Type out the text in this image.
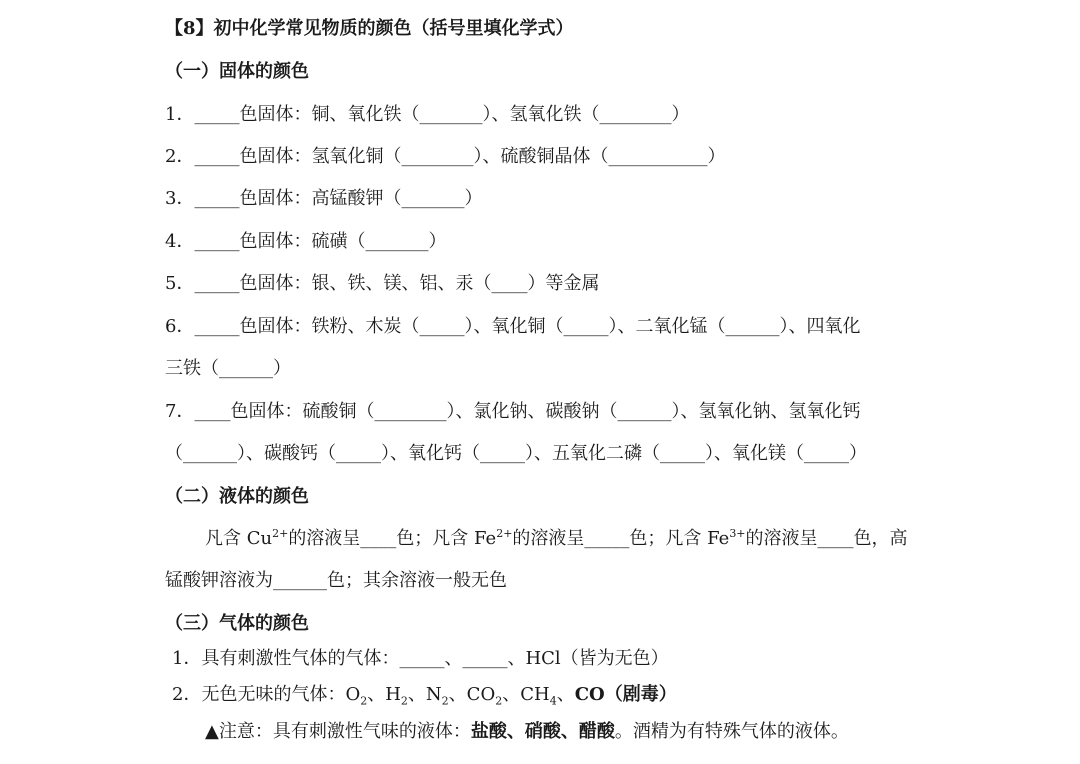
【8】初中化学常见物质的颜色（括号里填化学式）
（一）固体的颜色
1．_____色固体：铜、氧化铁（_______）、氢氧化铁（________）
2．_____色固体：氢氧化铜（________）、硫酸铜晶体（___________）
3．_____色固体：高锰酸钾（_______）
4．_____色固体：硫磺（_______）
5．_____色固体：银、铁、镁、铝、汞（____）等金属
6．_____色固体：铁粉、木炭（_____）、氧化铜（_____）、二氧化锰（______）、四氧化
三铁（______）
7．____色固体：硫酸铜（________）、氯化钠、碳酸钠（______）、氢氧化钠、氢氧化钙
（______）、碳酸钙（_____）、氧化钙（_____）、五氧化二磷（_____）、氧化镁（_____）
（二）液体的颜色
凡含 $Cu^{2+}$的溶液呈____色；凡含 $Fe^{2+}$的溶液呈_____色；凡含 $Fe^{3+}$的溶液呈____色，高
锰酸钾溶液为______色；其余溶液一般无色
（三）气体的颜色
1．具有刺激性气体的气体：_____、_____、HCl（皆为无色）
2．无色无味的气体：$O_2$、$H_2$、$N_2$、$CO_2$、$CH_4$、CO（剧毒）
▲注意：具有刺激性气味的液体：盐酸、硝酸、醋酸。酒精为有特殊气体的液体。
